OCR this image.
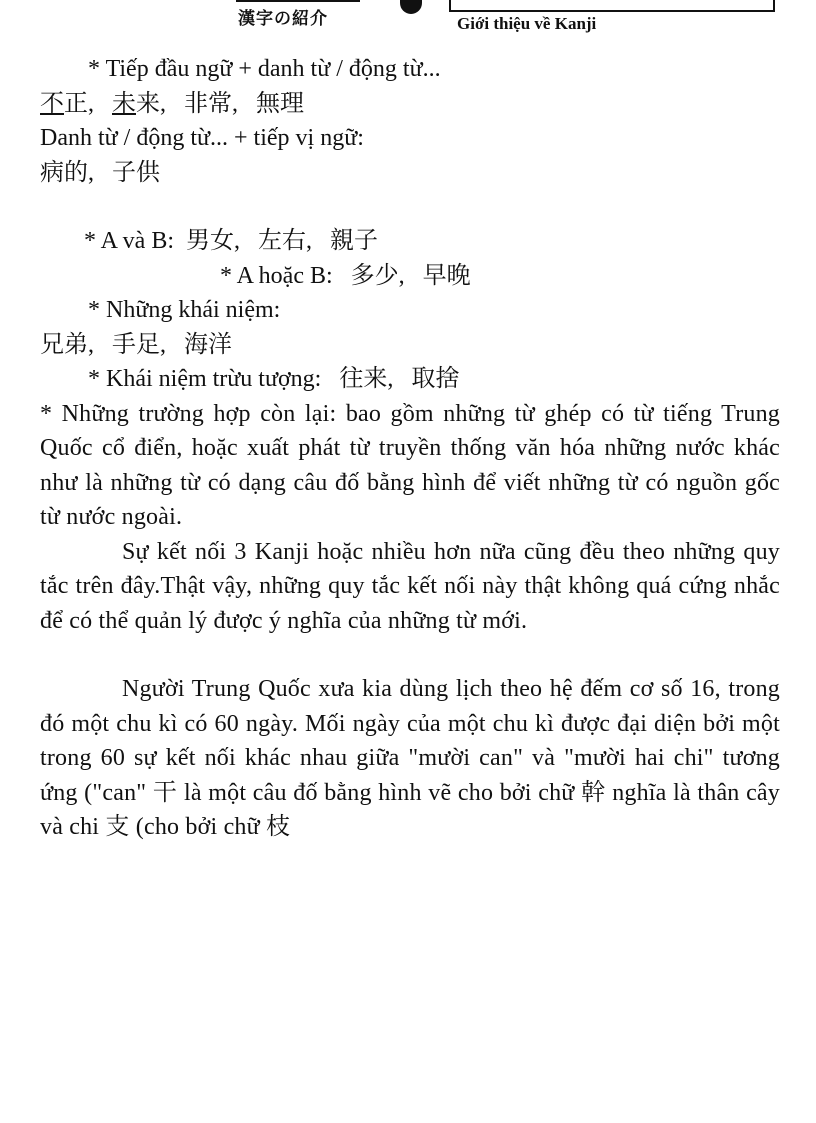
漢字の紹介	Giới thiệu về Kanji
* Tiếp đầu ngữ + danh từ / động từ...
不正, 未来, 非常, 無理
Danh từ / động từ... + tiếp vị ngữ:
病的,   子供
* A và B:  男女,   左右,   親子
* A hoặc B:   多少,   早晚
* Những khái niệm:
兄弟,   手足,   海洋
* Khái niệm trừu tượng:   往来,   取捨
* Những trường hợp còn lại: bao gồm những từ ghép có từ tiếng Trung Quốc cổ điển, hoặc xuất phát từ truyền thống văn hóa những nước khác như là những từ có dạng câu đố bằng hình để viết những từ có nguồn gốc từ nước ngoài.
Sự kết nối 3 Kanji hoặc nhiều hơn nữa cũng đều theo những quy tắc trên đây.Thật vậy, những quy tắc kết nối này thật không quá cứng nhắc để có thể quản lý được ý nghĩa của những từ mới.
Người Trung Quốc xưa kia dùng lịch theo hệ đếm cơ số 16, trong đó một chu kì có 60 ngày. Mối ngày của một chu kì được đại diện bởi một trong 60 sự kết nối khác nhau giữa "mười can" và "mười hai chi" tương ứng ("can" 干 là một câu đố bằng hình vẽ cho bởi chữ 幹 nghĩa là thân cây và chi 支 (cho bởi chữ 枝
